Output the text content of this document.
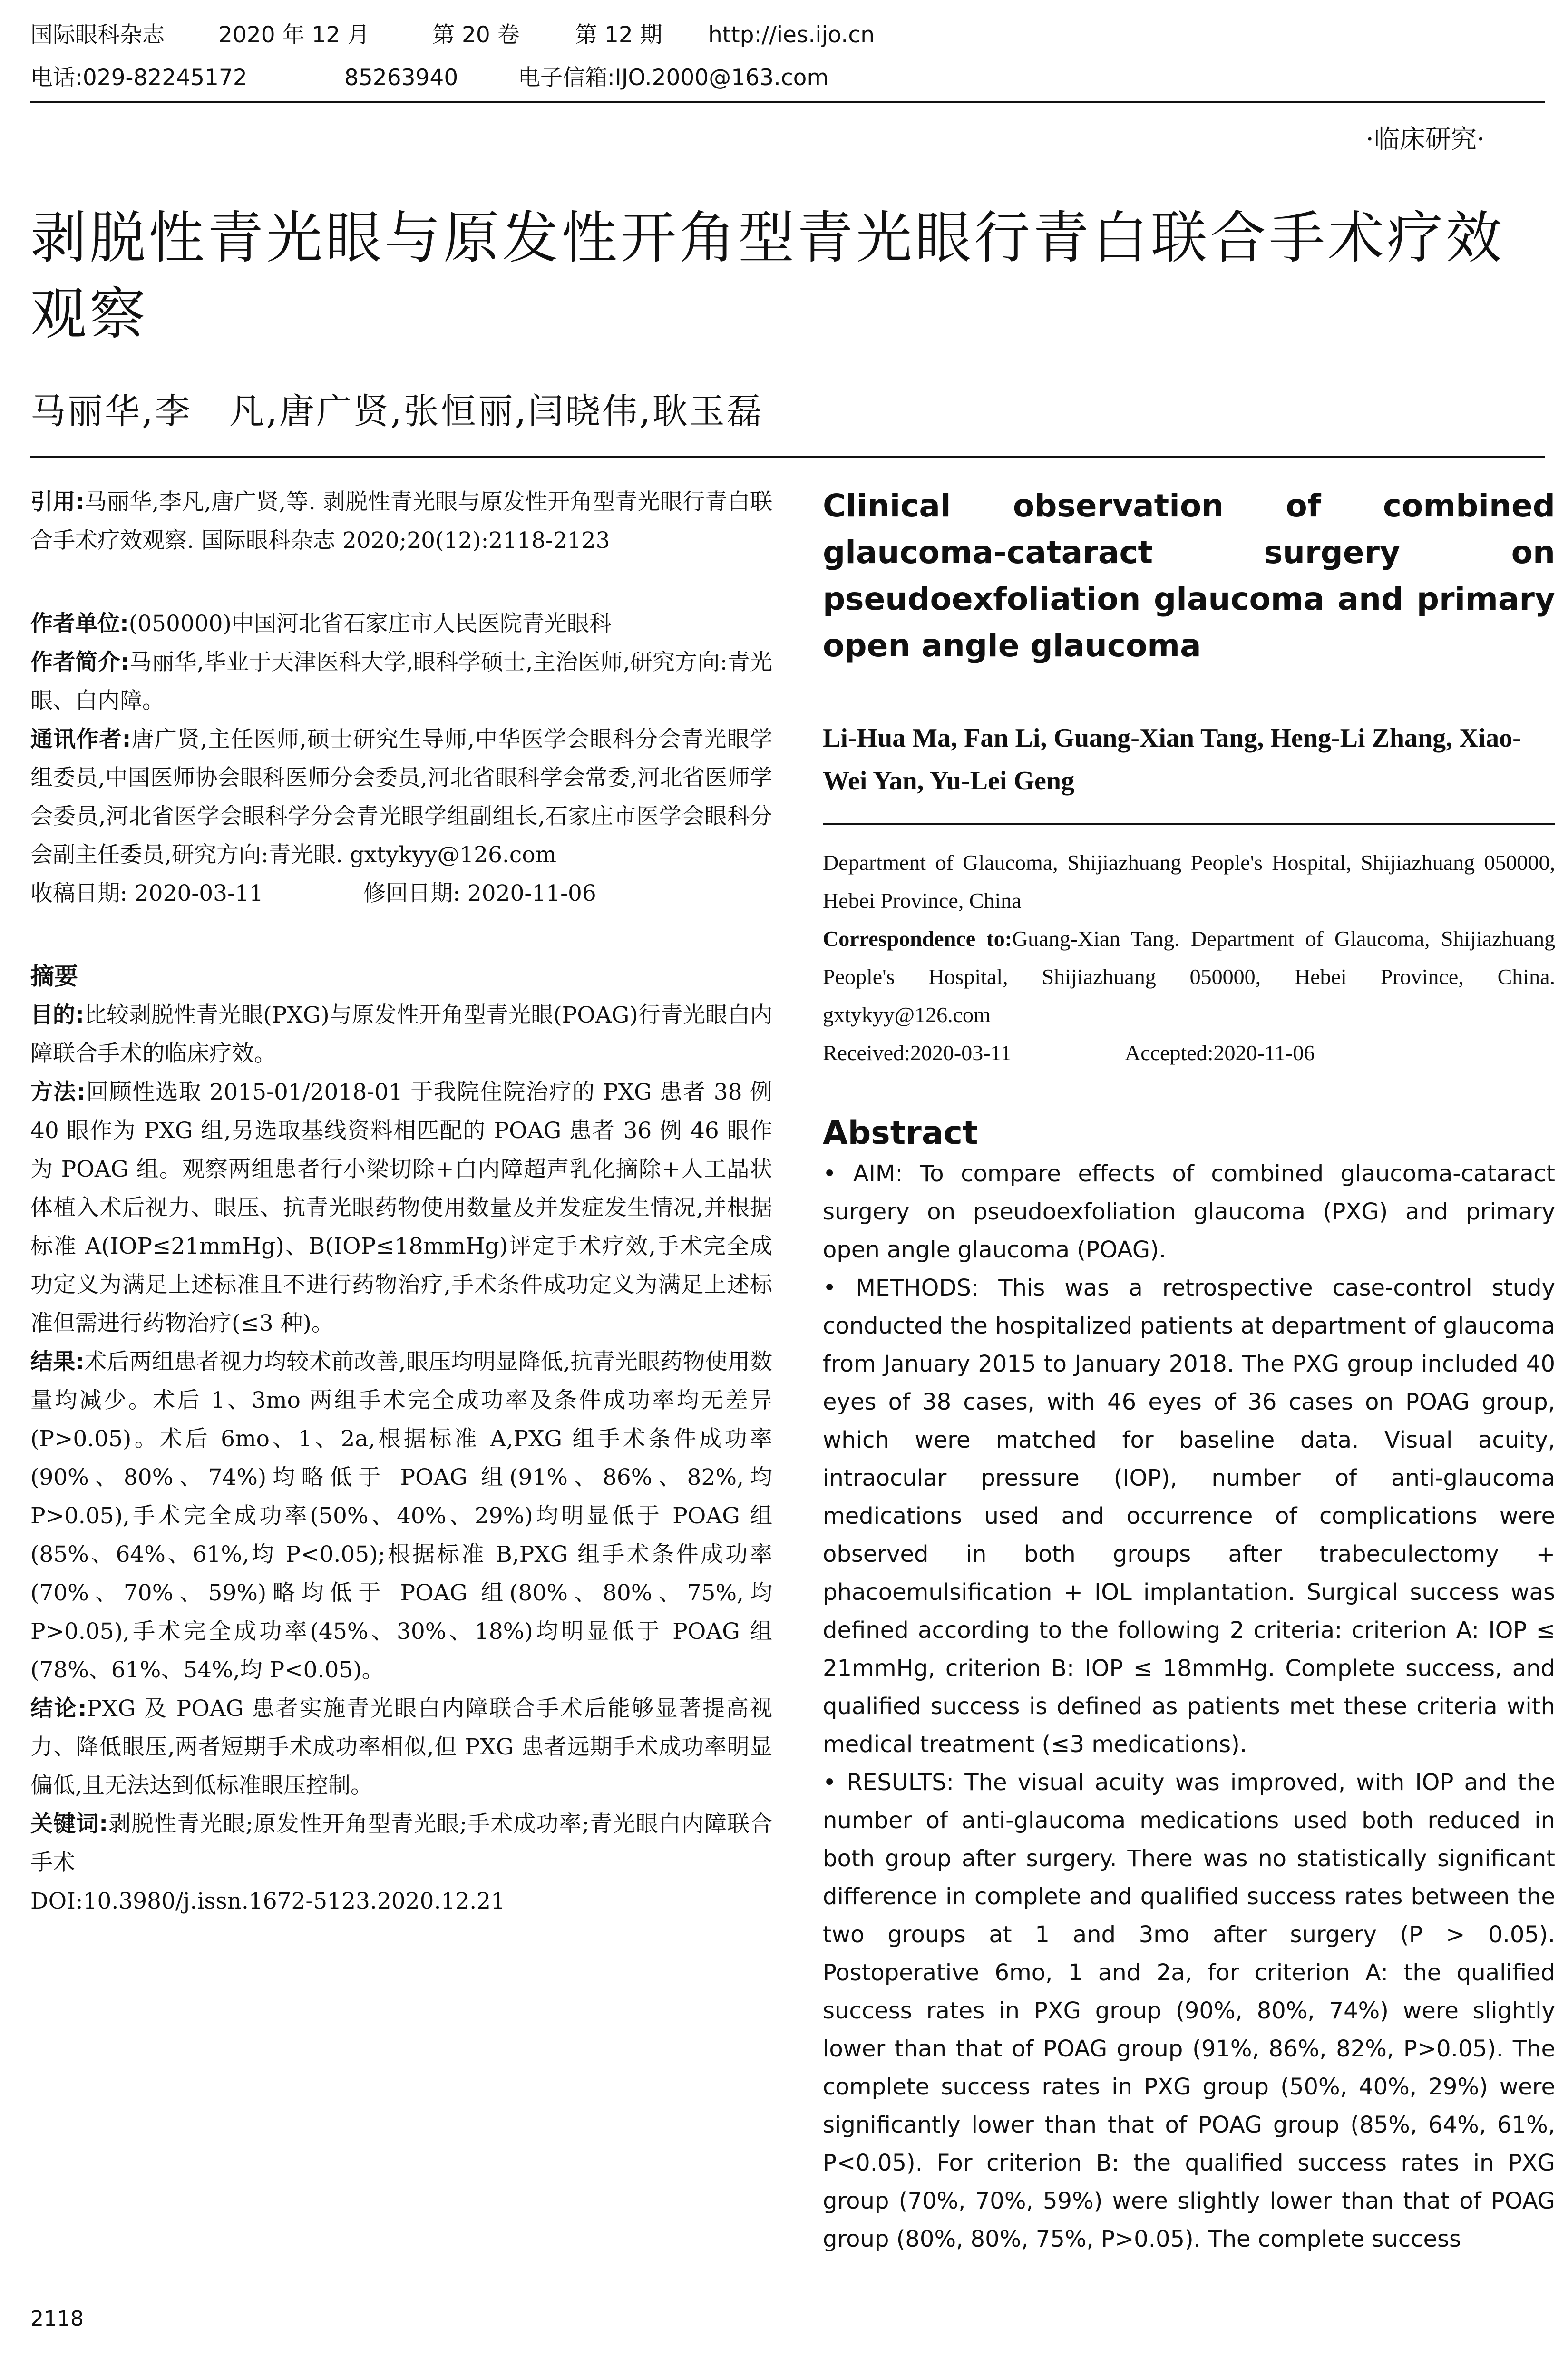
国际眼科杂志 2020 年 12 月	第 20 卷 第 12 期 http://ies.ijo.cn
电话:029-82245172	85263940	电子信箱:IJO.2000@163.com
·临床研究·
剥脱性青光眼与原发性开角型青光眼行青白联合手术疗效观察
马丽华,李　凡,唐广贤,张恒丽,闫晓伟,耿玉磊

引用:马丽华,李凡,唐广贤,等. 剥脱性青光眼与原发性开角型青光眼行青白联合手术疗效观察. 国际眼科杂志 2020;20(12):2118-2123

作者单位:(050000)中国河北省石家庄市人民医院青光眼科

作者简介:马丽华,毕业于天津医科大学,眼科学硕士,主治医师,研究方向:青光眼、白内障。

通讯作者:唐广贤,主任医师,硕士研究生导师,中华医学会眼科分会青光眼学组委员,中国医师协会眼科医师分会委员,河北省眼科学会常委,河北省医师学会委员,河北省医学会眼科学分会青光眼学组副组长,石家庄市医学会眼科分会副主任委员,研究方向:青光眼. gxtykyy@126.com

收稿日期: 2020-03-11	修回日期: 2020-11-06

摘要

目的:比较剥脱性青光眼(PXG)与原发性开角型青光眼(POAG)行青光眼白内障联合手术的临床疗效。

方法:回顾性选取 2015-01/2018-01 于我院住院治疗的 PXG 患者 38 例 40 眼作为 PXG 组,另选取基线资料相匹配的 POAG 患者 36 例 46 眼作为 POAG 组。观察两组患者行小梁切除+白内障超声乳化摘除+人工晶状体植入术后视力、眼压、抗青光眼药物使用数量及并发症发生情况,并根据标准 A(IOP≤21mmHg)、B(IOP≤18mmHg)评定手术疗效,手术完全成功定义为满足上述标准且不进行药物治疗,手术条件成功定义为满足上述标准但需进行药物治疗(≤3 种)。

结果:术后两组患者视力均较术前改善,眼压均明显降低,抗青光眼药物使用数量均减少。术后 1、3mo 两组手术完全成功率及条件成功率均无差异(P>0.05)。术后 6mo、1、2a,根据标准 A,PXG 组手术条件成功率(90%、80%、74%)均略低于 POAG 组(91%、86%、82%,均 P>0.05),手术完全成功率(50%、40%、29%)均明显低于 POAG 组(85%、64%、61%,均 P<0.05);根据标准 B,PXG 组手术条件成功率(70%、70%、59%)略均低于 POAG 组(80%、80%、75%,均 P>0.05),手术完全成功率(45%、30%、18%)均明显低于 POAG 组(78%、61%、54%,均 P<0.05)。

结论:PXG 及 POAG 患者实施青光眼白内障联合手术后能够显著提高视力、降低眼压,两者短期手术成功率相似,但 PXG 患者远期手术成功率明显偏低,且无法达到低标准眼压控制。

关键词:剥脱性青光眼;原发性开角型青光眼;手术成功率;青光眼白内障联合手术

DOI:10.3980/j.issn.1672-5123.2020.12.21

Clinical observation of combined glaucoma-cataract surgery on pseudoexfoliation glaucoma and primary open angle glaucoma
Li-Hua Ma, Fan Li, Guang-Xian Tang, Heng-Li Zhang, Xiao-Wei Yan, Yu-Lei Geng

Department of Glaucoma, Shijiazhuang People's Hospital, Shijiazhuang 050000, Hebei Province, China

Correspondence to:Guang-Xian Tang. Department of Glaucoma, Shijiazhuang People's Hospital, Shijiazhuang 050000, Hebei Province, China. gxtykyy@126.com

Received:2020-03-11	Accepted:2020-11-06

Abstract

• AIM: To compare effects of combined glaucoma-cataract surgery on pseudoexfoliation glaucoma (PXG) and primary open angle glaucoma (POAG).

• METHODS: This was a retrospective case-control study conducted the hospitalized patients at department of glaucoma from January 2015 to January 2018. The PXG group included 40 eyes of 38 cases, with 46 eyes of 36 cases on POAG group, which were matched for baseline data. Visual acuity, intraocular pressure (IOP), number of anti-glaucoma medications used and occurrence of complications were observed in both groups after trabeculectomy + phacoemulsification + IOL implantation. Surgical success was defined according to the following 2 criteria: criterion A: IOP ≤ 21mmHg, criterion B: IOP ≤ 18mmHg. Complete success, and qualified success is defined as patients met these criteria with medical treatment (≤3 medications).

• RESULTS: The visual acuity was improved, with IOP and the number of anti-glaucoma medications used both reduced in both group after surgery. There was no statistically significant difference in complete and qualified success rates between the two groups at 1 and 3mo after surgery (P > 0.05). Postoperative 6mo, 1 and 2a, for criterion A: the qualified success rates in PXG group (90%, 80%, 74%) were slightly lower than that of POAG group (91%, 86%, 82%, P>0.05). The complete success rates in PXG group (50%, 40%, 29%) were significantly lower than that of POAG group (85%, 64%, 61%, P<0.05). For criterion B: the qualified success rates in PXG group (70%, 70%, 59%) were slightly lower than that of POAG group (80%, 80%, 75%, P>0.05). The complete success

2118
